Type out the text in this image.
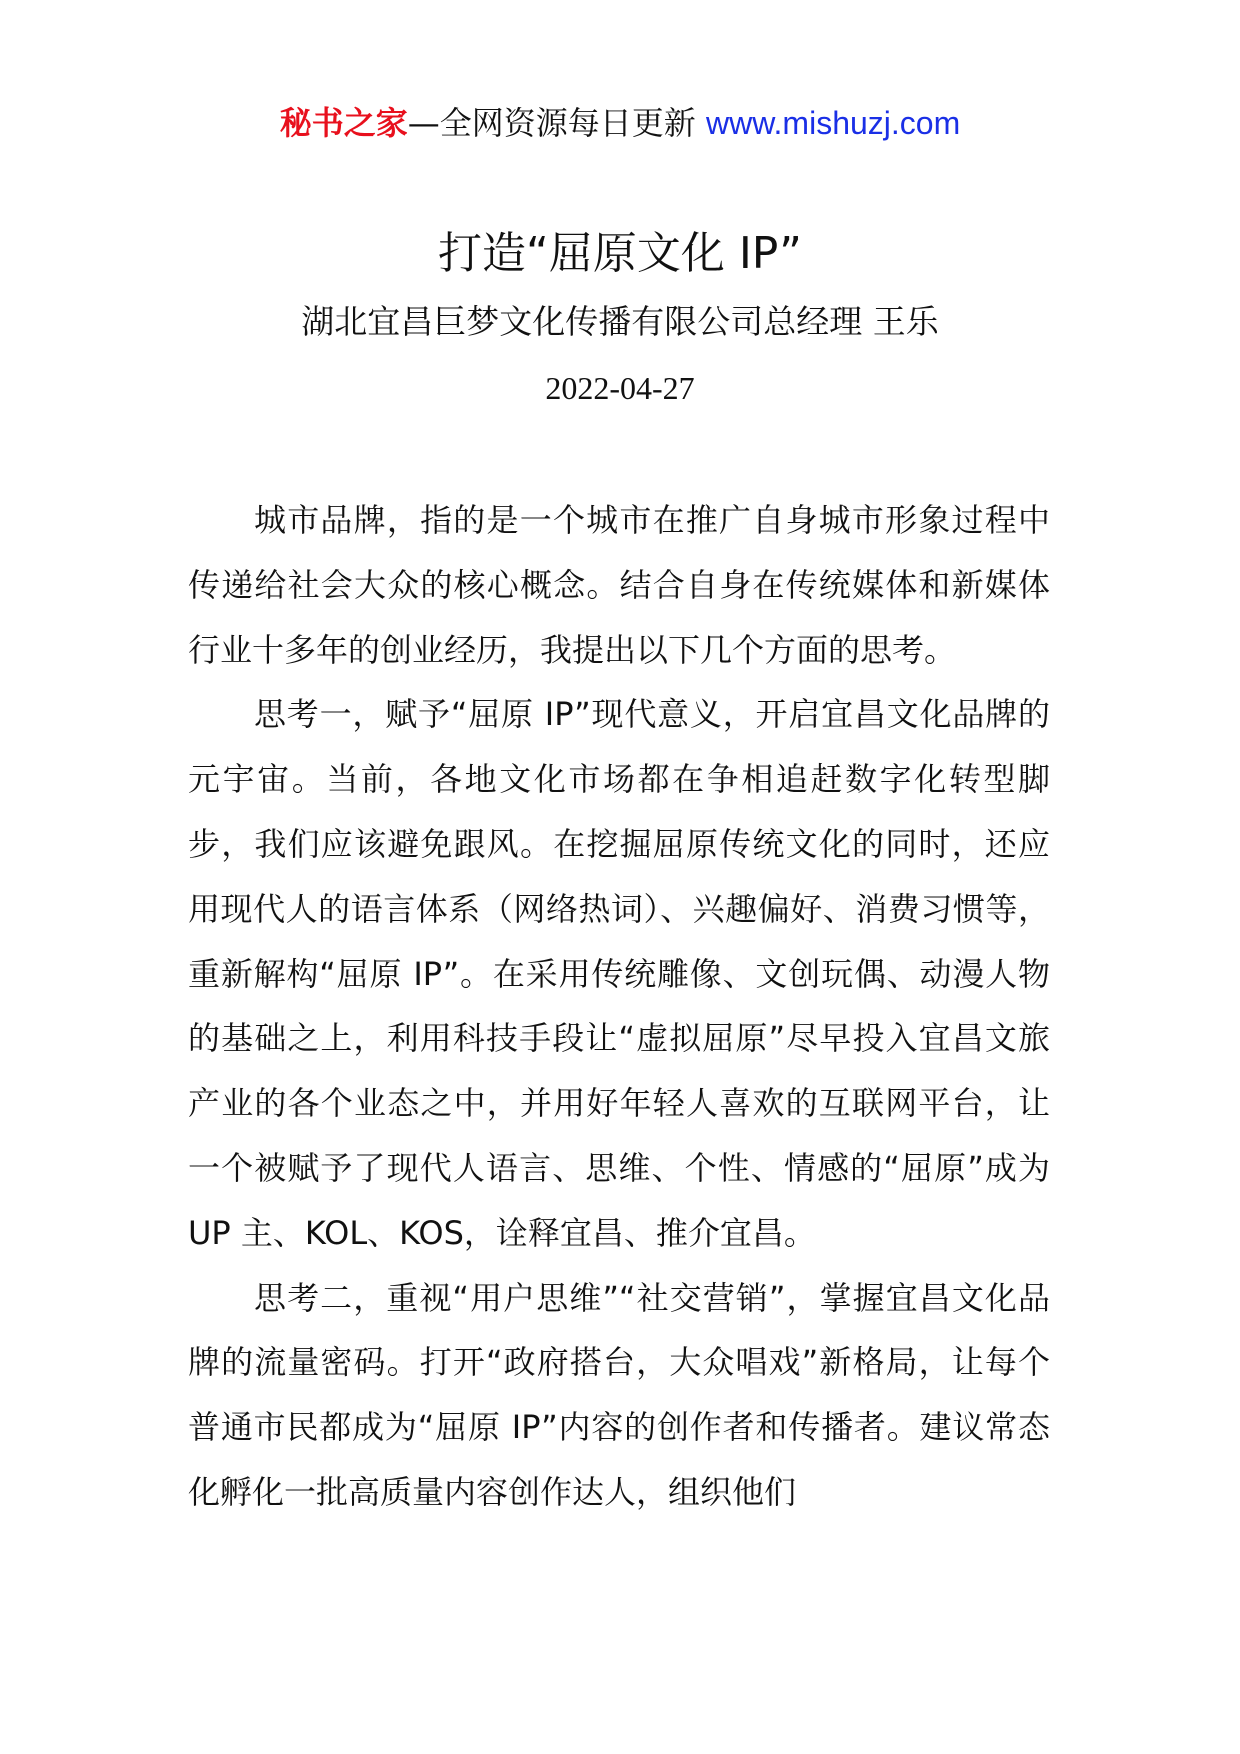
秘书之家—全网资源每日更新 www.mishuzj.com
打造“屈原文化 IP”
湖北宜昌巨梦文化传播有限公司总经理 王乐
2022-04-27

城市品牌，指的是一个城市在推广自身城市形象过程中传递给社会大众的核心概念。结合自身在传统媒体和新媒体行业十多年的创业经历，我提出以下几个方面的思考。

思考一，赋予“屈原 IP”现代意义，开启宜昌文化品牌的元宇宙。当前，各地文化市场都在争相追赶数字化转型脚步，我们应该避免跟风。在挖掘屈原传统文化的同时，还应用现代人的语言体系（网络热词）、兴趣偏好、消费习惯等，重新解构“屈原 IP”。在采用传统雕像、文创玩偶、动漫人物的基础之上，利用科技手段让“虚拟屈原”尽早投入宜昌文旅产业的各个业态之中，并用好年轻人喜欢的互联网平台，让一个被赋予了现代人语言、思维、个性、情感的“屈原”成为 UP 主、KOL、KOS，诠释宜昌、推介宜昌。

思考二，重视“用户思维”“社交营销”，掌握宜昌文化品牌的流量密码。打开“政府搭台，大众唱戏”新格局，让每个普通市民都成为“屈原 IP”内容的创作者和传播者。建议常态化孵化一批高质量内容创作达人，组织他们
